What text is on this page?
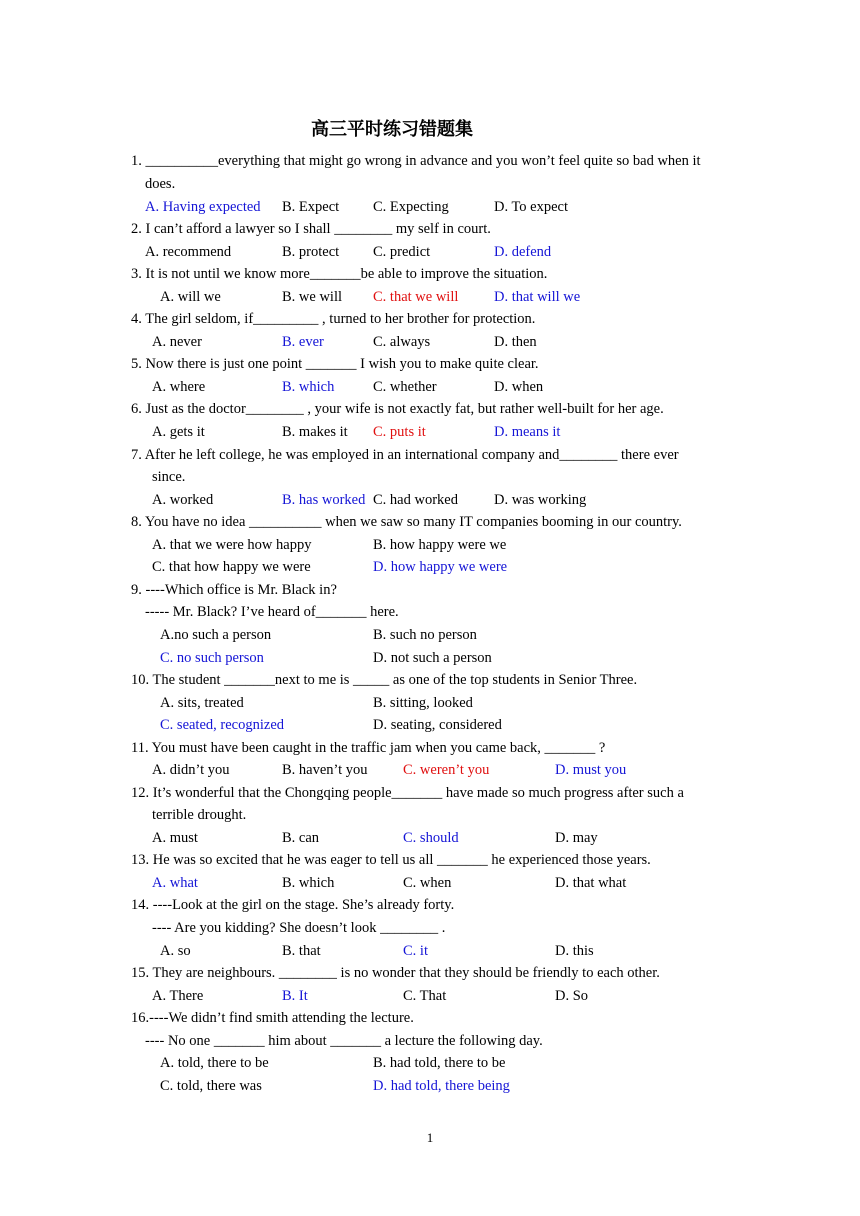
高三平时练习错题集
1. __________everything that might go wrong in advance and you won’t feel quite so bad when it
does.
A. Having expected B. Expect C. Expecting	D. To expect
2. I can’t afford a lawyer so I shall ________ my self in court.
A. recommend	B. protect C. predict	D. defend
3. It is not until we know more_______be able to improve the situation.
A. will we	B. we will C. that we will D. that will we
4. The girl seldom, if_________ , turned to her brother for protection.
A. never	B. ever	C. always	D. then
5. Now there is just one point _______ I wish you to make quite clear.
A. where	B. which	C. whether	D. when
6. Just as the doctor________ , your wife is not exactly fat, but rather well-built for her age.
A. gets it	B. makes it C. puts it	D. means it
7. After he left college, he was employed in an international company and________ there ever
since.
A. worked	B. has worked C. had worked D. was working
8. You have no idea __________ when we saw so many IT companies booming in our country.
A. that we were how happy	B. how happy were we
C. that how happy we were	D. how happy we were
9. ----Which office is Mr. Black in?
----- Mr. Black? I’ve heard of_______ here.
A.no such a person	B. such no person
C. no such person	D. not such a person
10. The student _______next to me is _____ as one of the top students in Senior Three.
A. sits, treated	B. sitting, looked
C. seated, recognized	D. seating, considered
11. You must have been caught in the traffic jam when you came back, _______ ?
A. didn’t you	B. haven’t you C. weren’t you	D. must you
12. It’s wonderful that the Chongqing people_______ have made so much progress after such a
terrible drought.
A. must	B. can	C. should	D. may
13. He was so excited that he was eager to tell us all _______ he experienced those years.
A. what	B. which	C. when	D. that what
14. ----Look at the girl on the stage. She’s already forty.
---- Are you kidding? She doesn’t look ________ .
A. so	B. that	C. it	D. this
15. They are neighbours. ________ is no wonder that they should be friendly to each other.
A. There	B. It	C. That	D. So
16.----We didn’t find smith attending the lecture.
---- No one _______ him about _______ a lecture the following day.
A. told, there to be	B. had told, there to be
C. told, there was	D. had told, there being
1
